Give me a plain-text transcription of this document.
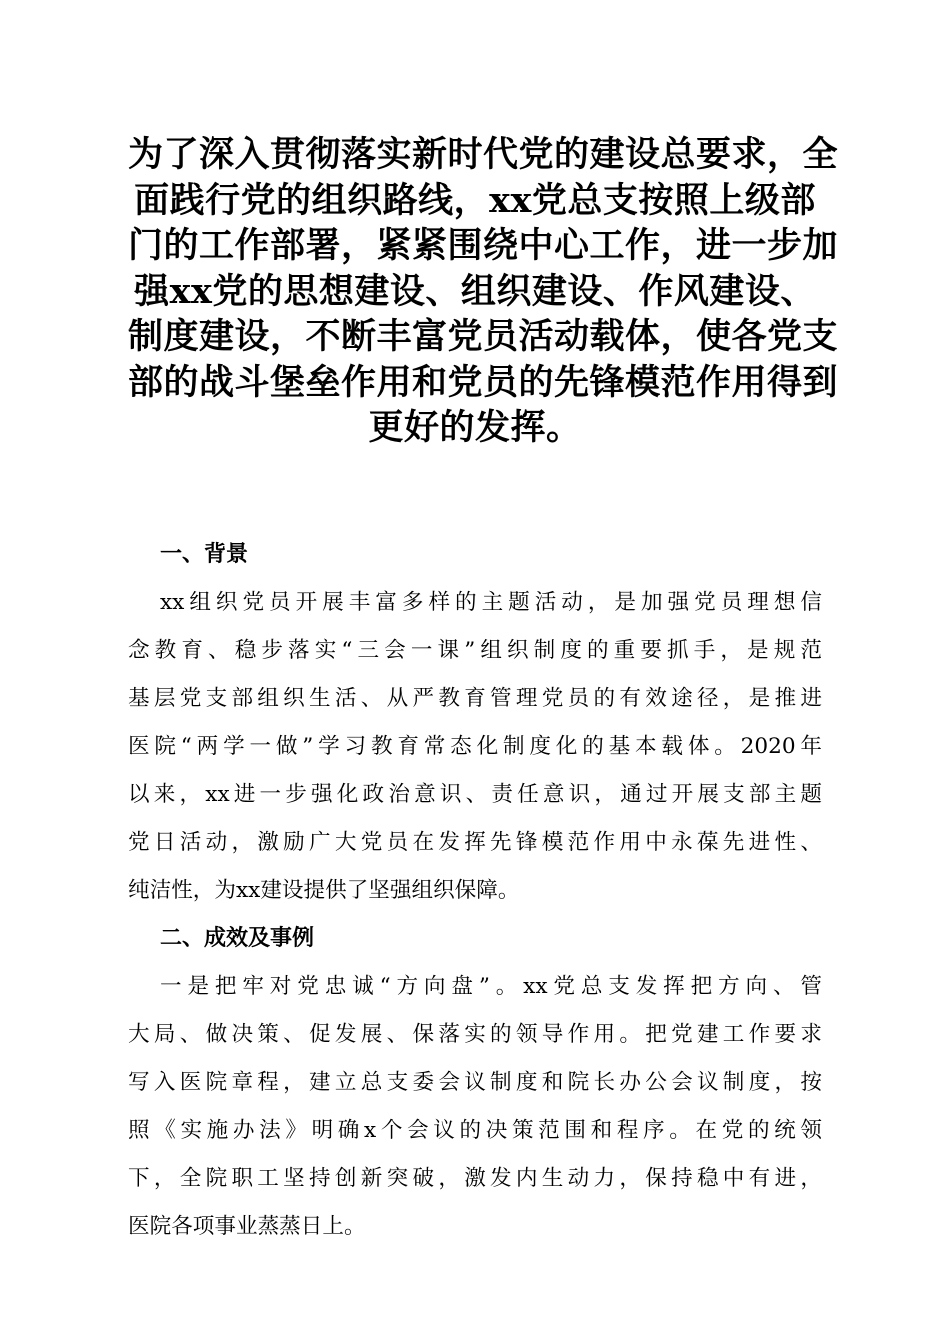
为了深入贯彻落实新时代党的建设总要求，全
面践行党的组织路线，xx党总支按照上级部
门的工作部署，紧紧围绕中心工作，进一步加
强xx党的思想建设、组织建设、作风建设、
制度建设，不断丰富党员活动载体，使各党支
部的战斗堡垒作用和党员的先锋模范作用得到
更好的发挥。
一、背景

xx组织党员开展丰富多样的主题活动，是加强党员理想信
念教育、稳步落实“三会一课”组织制度的重要抓手，是规范
基层党支部组织生活、从严教育管理党员的有效途径，是推进
医院“两学一做”学习教育常态化制度化的基本载体。2020年
以来，xx进一步强化政治意识、责任意识，通过开展支部主题
党日活动，激励广大党员在发挥先锋模范作用中永葆先进性、
纯洁性，为xx建设提供了坚强组织保障。

二、成效及事例

一是把牢对党忠诚“方向盘”。xx党总支发挥把方向、管
大局、做决策、促发展、保落实的领导作用。把党建工作要求
写入医院章程，建立总支委会议制度和院长办公会议制度，按
照《实施办法》明确x个会议的决策范围和程序。在党的统领
下，全院职工坚持创新突破，激发内生动力，保持稳中有进，
医院各项事业蒸蒸日上。
